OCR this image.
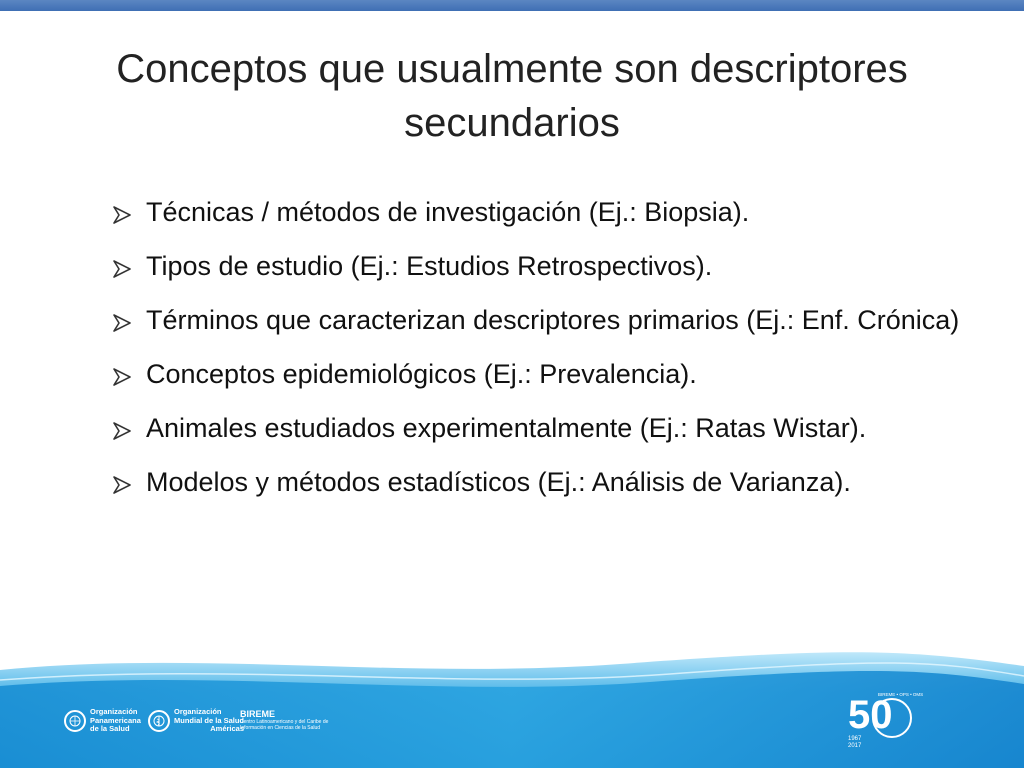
Conceptos que usualmente son descriptores secundarios
Técnicas / métodos de investigación (Ej.: Biopsia).
Tipos de estudio (Ej.: Estudios Retrospectivos).
Términos que caracterizan descriptores primarios (Ej.: Enf. Crónica)
Conceptos epidemiológicos (Ej.: Prevalencia).
Animales estudiados experimentalmente (Ej.: Ratas Wistar).
Modelos y métodos estadísticos (Ej.: Análisis de Varianza).
Organización
Panamericana
de la Salud
Organización
Mundial de la Salud
Américas
BIREME
Centro Latinoamericano y del Caribe de
Información en Ciencias de la Salud	50
1967
2017
BIREME • OPS • OMS
